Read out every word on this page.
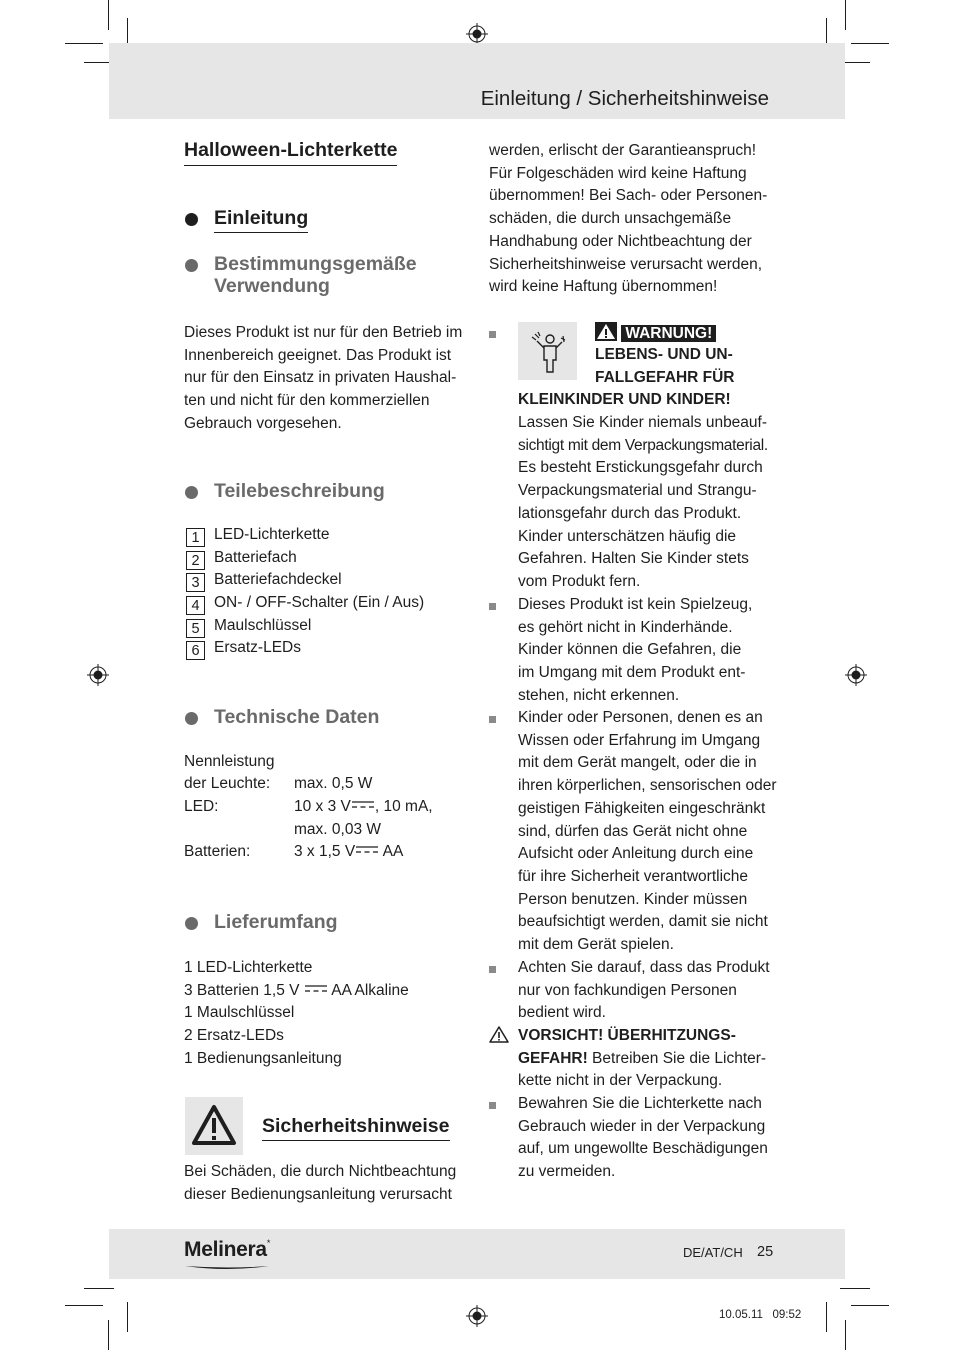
Einleitung / Sicherheitshinweise
Halloween-Lichterkette
Einleitung
Bestimmungsgemäße
Verwendung
Dieses Produkt ist nur für den Betrieb im
Innenbereich geeignet. Das Produkt ist
nur für den Einsatz in privaten Haushal-
ten und nicht für den kommerziellen
Gebrauch vorgesehen.
Teilebeschreibung
1 LED-Lichterkette
2 Batteriefach
3 Batteriefachdeckel
4 ON- / OFF-Schalter (Ein / Aus)
5 Maulschlüssel
6 Ersatz-LEDs
Technische Daten
Nennleistung
der Leuchte: max. 0,5 W
LED:	10 x 3 V , 10 mA,
max. 0,03 W
Batterien:	3 x 1,5 V AA
Lieferumfang
1 LED-Lichterkette
3 Batterien 1,5 V AA Alkaline
1 Maulschlüssel
2 Ersatz-LEDs
1 Bedienungsanleitung
Sicherheitshinweise
Bei Schäden, die durch Nichtbeachtung
dieser Bedienungsanleitung verursacht
werden, erlischt der Garantieanspruch!
Für Folgeschäden wird keine Haftung
übernommen! Bei Sach- oder Personen-
schäden, die durch unsachgemäße
Handhabung oder Nichtbeachtung der
Sicherheitshinweise verursacht werden,
wird keine Haftung übernommen!
WARNUNG!
LEBENS- UND UN-
FALLGEFAHR FÜR
KLEINKINDER UND KINDER!
Lassen Sie Kinder niemals unbeauf-
sichtigt mit dem Verpackungsmaterial.
Es besteht Erstickungsgefahr durch
Verpackungsmaterial und Strangu-
lationsgefahr durch das Produkt.
Kinder unterschätzen häufig die
Gefahren. Halten Sie Kinder stets
vom Produkt fern.
Dieses Produkt ist kein Spielzeug,
es gehört nicht in Kinderhände.
Kinder können die Gefahren, die
im Umgang mit dem Produkt ent-
stehen, nicht erkennen.
Kinder oder Personen, denen es an
Wissen oder Erfahrung im Umgang
mit dem Gerät mangelt, oder die in
ihren körperlichen, sensorischen oder
geistigen Fähigkeiten eingeschränkt
sind, dürfen das Gerät nicht ohne
Aufsicht oder Anleitung durch eine
für ihre Sicherheit verantwortliche
Person benutzen. Kinder müssen
beaufsichtigt werden, damit sie nicht
mit dem Gerät spielen.
Achten Sie darauf, dass das Produkt
nur von fachkundigen Personen
bedient wird.
VORSICHT! ÜBERHITZUNGS-
GEFAHR! Betreiben Sie die Lichter-
kette nicht in der Verpackung.
Bewahren Sie die Lichterkette nach
Gebrauch wieder in der Verpackung
auf, um ungewollte Beschädigungen
zu vermeiden.
Melinera*
DE/AT/CH 25
10.05.11   09:52
